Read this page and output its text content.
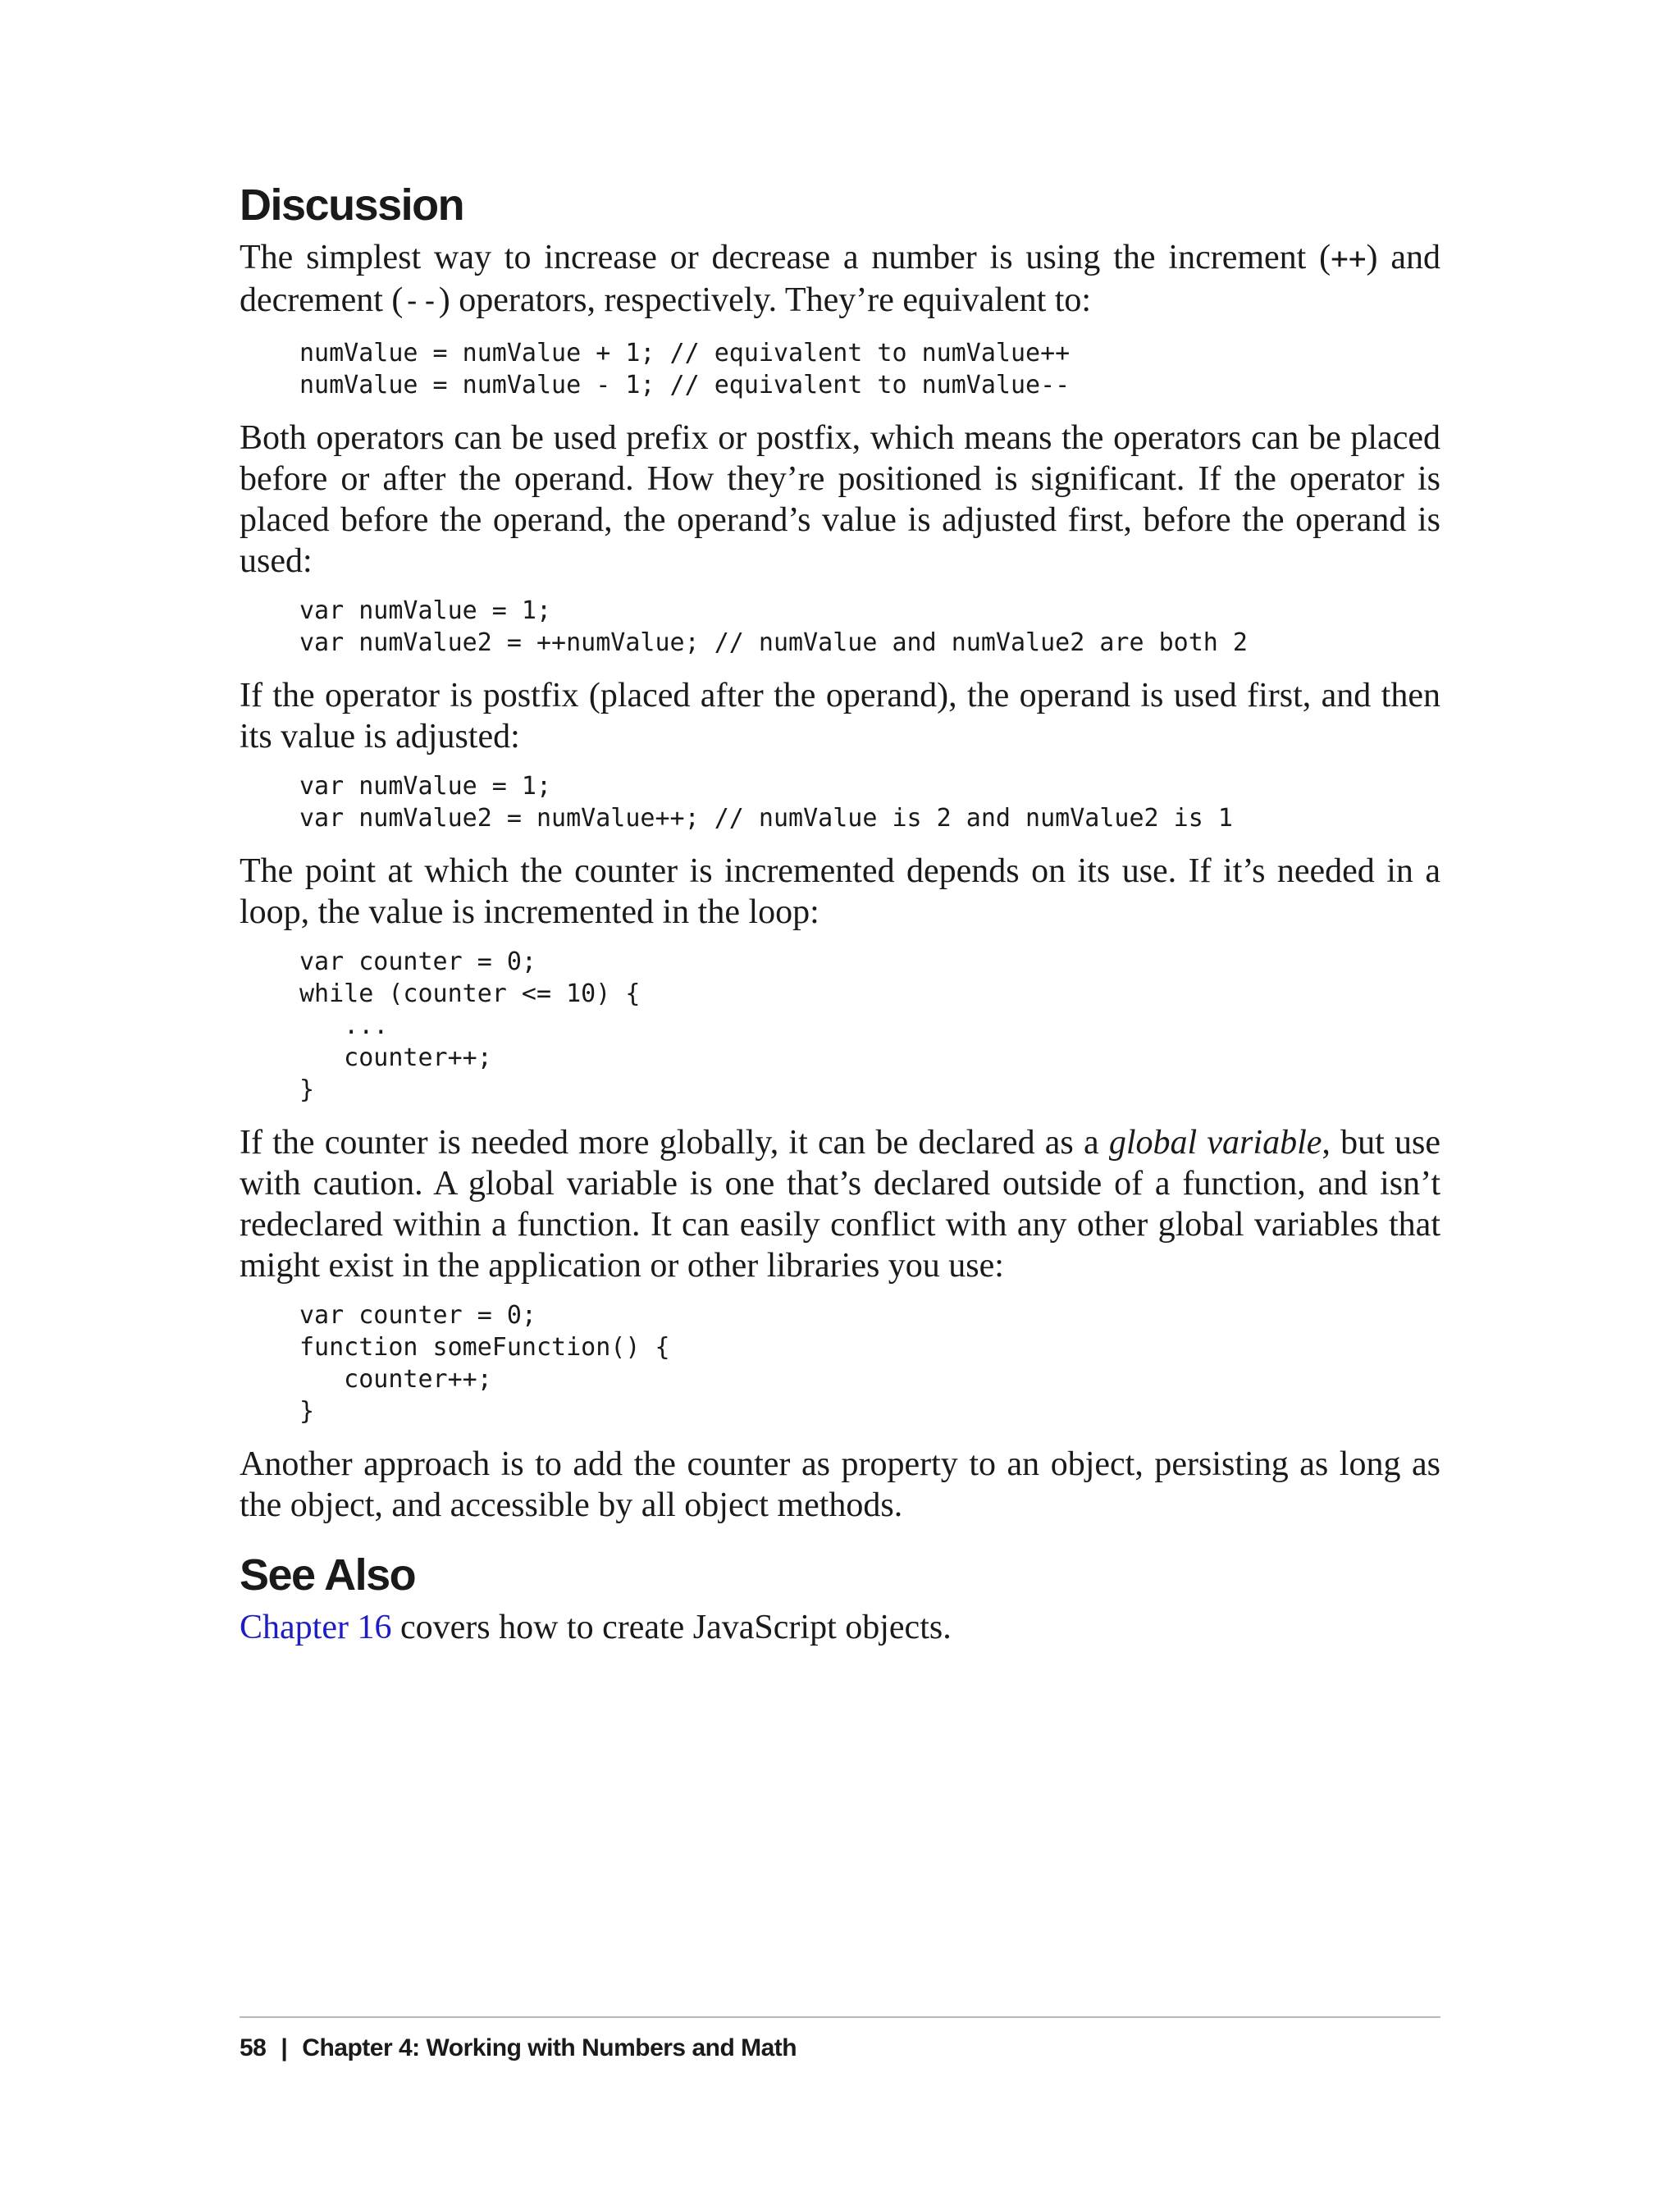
Discussion

The simplest way to increase or decrease a number is using the increment (++) and decrement (--) operators, respectively. They’re equivalent to:

numValue = numValue + 1; // equivalent to numValue++
numValue = numValue - 1; // equivalent to numValue--

Both operators can be used prefix or postfix, which means the operators can be placed before or after the operand. How they’re positioned is significant. If the operator is placed before the operand, the operand’s value is adjusted first, before the operand is used:

var numValue = 1;
var numValue2 = ++numValue; // numValue and numValue2 are both 2

If the operator is postfix (placed after the operand), the operand is used first, and then its value is adjusted:

var numValue = 1;
var numValue2 = numValue++; // numValue is 2 and numValue2 is 1

The point at which the counter is incremented depends on its use. If it’s needed in a loop, the value is incremented in the loop:

var counter = 0;
while (counter <= 10) {
...
counter++;
}

If the counter is needed more globally, it can be declared as a global variable, but use with caution. A global variable is one that’s declared outside of a function, and isn’t redeclared within a function. It can easily conflict with any other global variables that might exist in the application or other libraries you use:

var counter = 0;
function someFunction() {
counter++;
}

Another approach is to add the counter as property to an object, persisting as long as the object, and accessible by all object methods.

See Also

Chapter 16 covers how to create JavaScript objects.

58 | Chapter 4: Working with Numbers and Math
